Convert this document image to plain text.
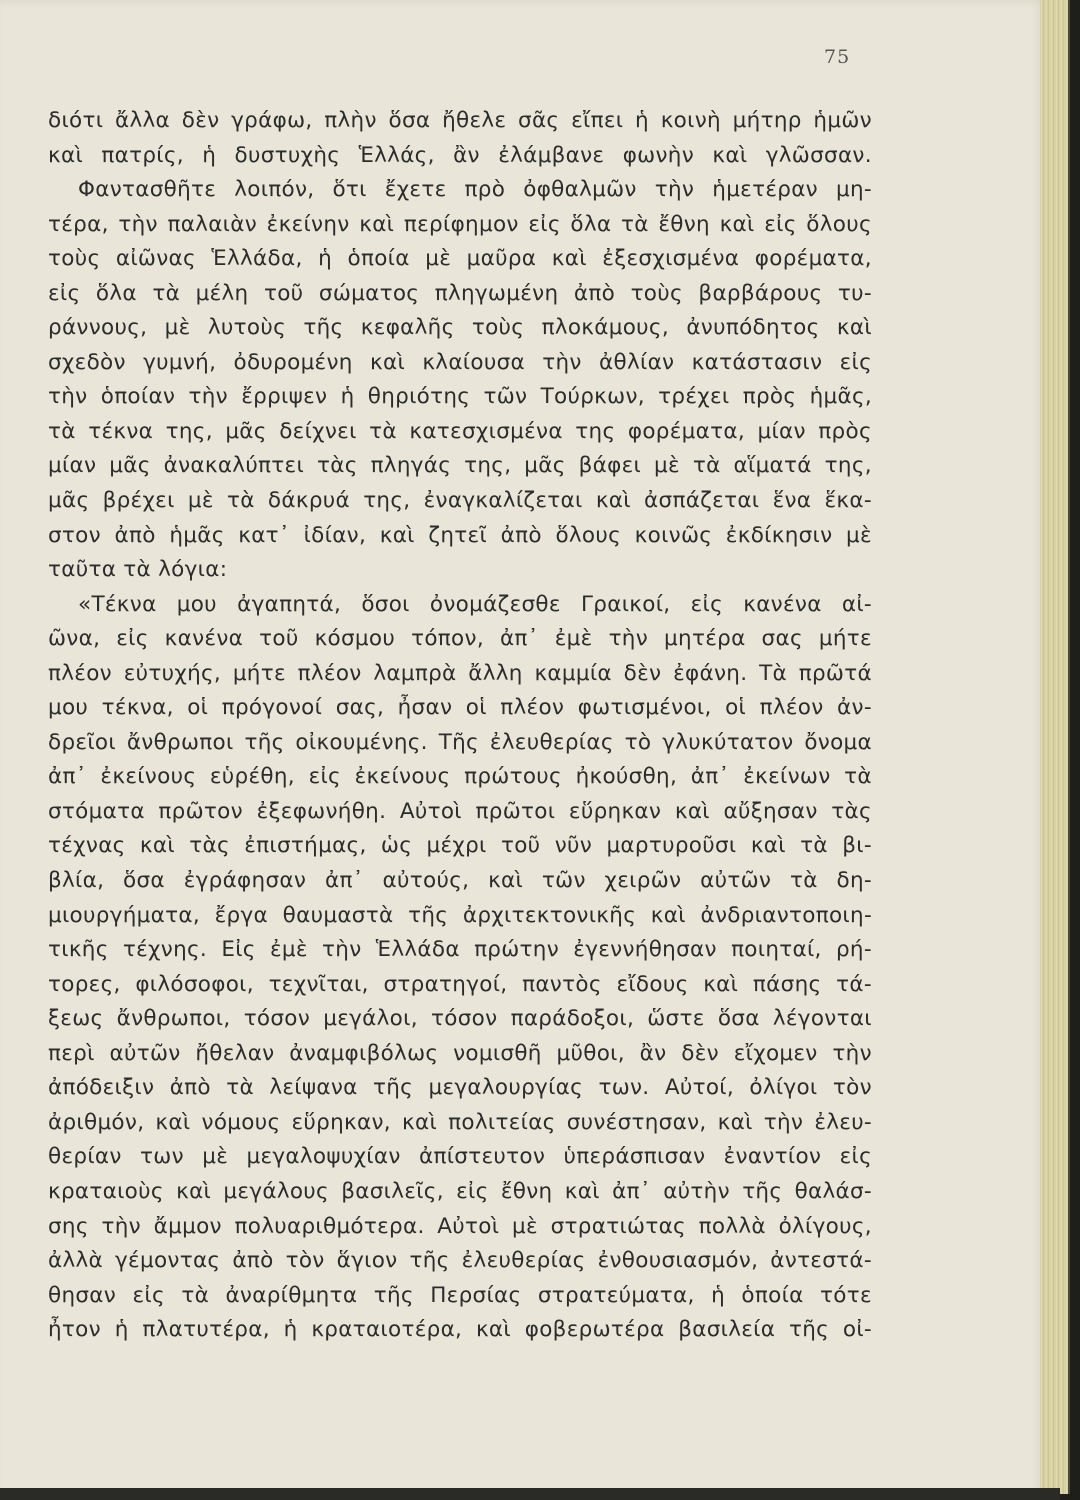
75
διότι ἄλλα δὲν γράφω, πλὴν ὅσα ἤθελε σᾶς εἴπει ἡ κοινὴ μήτηρ ἡμῶν
καὶ πατρίς, ἡ δυστυχὴς Ἑλλάς, ἂν ἐλάμβανε φωνὴν καὶ γλῶσσαν.
Φαντασθῆτε λοιπόν, ὅτι ἔχετε πρὸ ὀφθαλμῶν τὴν ἡμετέραν μη-
τέρα, τὴν παλαιὰν ἐκείνην καὶ περίφημον εἰς ὅλα τὰ ἔθνη καὶ εἰς ὅλους
τοὺς αἰῶνας Ἑλλάδα, ἡ ὁποία μὲ μαῦρα καὶ ἐξεσχισμένα φορέματα,
εἰς ὅλα τὰ μέλη τοῦ σώματος πληγωμένη ἀπὸ τοὺς βαρβάρους τυ-
ράννους, μὲ λυτοὺς τῆς κεφαλῆς τοὺς πλοκάμους, ἀνυπόδητος καὶ
σχεδὸν γυμνή, ὀδυρομένη καὶ κλαίουσα τὴν ἀθλίαν κατάστασιν εἰς
τὴν ὁποίαν τὴν ἔρριψεν ἡ θηριότης τῶν Τούρκων, τρέχει πρὸς ἡμᾶς,
τὰ τέκνα της, μᾶς δείχνει τὰ κατεσχισμένα της φορέματα, μίαν πρὸς
μίαν μᾶς ἀνακαλύπτει τὰς πληγάς της, μᾶς βάφει μὲ τὰ αἵματά της,
μᾶς βρέχει μὲ τὰ δάκρυά της, ἐναγκαλίζεται καὶ ἀσπάζεται ἕνα ἕκα-
στον ἀπὸ ἡμᾶς κατ᾽ ἰδίαν, καὶ ζητεῖ ἀπὸ ὅλους κοινῶς ἐκδίκησιν μὲ
ταῦτα τὰ λόγια:
«Τέκνα μου ἀγαπητά, ὅσοι ὀνομάζεσθε Γραικοί, εἰς κανένα αἰ-
ῶνα, εἰς κανένα τοῦ κόσμου τόπον, ἀπ᾽ ἐμὲ τὴν μητέρα σας μήτε
πλέον εὐτυχής, μήτε πλέον λαμπρὰ ἄλλη καμμία δὲν ἐφάνη. Τὰ πρῶτά
μου τέκνα, οἱ πρόγονοί σας, ἦσαν οἱ πλέον φωτισμένοι, οἱ πλέον ἀν-
δρεῖοι ἄνθρωποι τῆς οἰκουμένης. Τῆς ἐλευθερίας τὸ γλυκύτατον ὄνομα
ἀπ᾽ ἐκείνους εὑρέθη, εἰς ἐκείνους πρώτους ἠκούσθη, ἀπ᾽ ἐκείνων τὰ
στόματα πρῶτον ἐξεφωνήθη. Αὐτοὶ πρῶτοι εὕρηκαν καὶ αὔξησαν τὰς
τέχνας καὶ τὰς ἐπιστήμας, ὡς μέχρι τοῦ νῦν μαρτυροῦσι καὶ τὰ βι-
βλία, ὅσα ἐγράφησαν ἀπ᾽ αὐτούς, καὶ τῶν χειρῶν αὐτῶν τὰ δη-
μιουργήματα, ἔργα θαυμαστὰ τῆς ἀρχιτεκτονικῆς καὶ ἀνδριαντοποιη-
τικῆς τέχνης. Εἰς ἐμὲ τὴν Ἑλλάδα πρώτην ἐγεννήθησαν ποιηταί, ρή-
τορες, φιλόσοφοι, τεχνῖται, στρατηγοί, παντὸς εἴδους καὶ πάσης τά-
ξεως ἄνθρωποι, τόσον μεγάλοι, τόσον παράδοξοι, ὥστε ὅσα λέγονται
περὶ αὐτῶν ἤθελαν ἀναμφιβόλως νομισθῆ μῦθοι, ἂν δὲν εἴχομεν τὴν
ἀπόδειξιν ἀπὸ τὰ λείψανα τῆς μεγαλουργίας των. Αὐτοί, ὀλίγοι τὸν
ἀριθμόν, καὶ νόμους εὕρηκαν, καὶ πολιτείας συνέστησαν, καὶ τὴν ἐλευ-
θερίαν των μὲ μεγαλοψυχίαν ἀπίστευτον ὑπεράσπισαν ἐναντίον εἰς
κραταιοὺς καὶ μεγάλους βασιλεῖς, εἰς ἔθνη καὶ ἀπ᾽ αὐτὴν τῆς θαλάσ-
σης τὴν ἄμμον πολυαριθμότερα. Αὐτοὶ μὲ στρατιώτας πολλὰ ὀλίγους,
ἀλλὰ γέμοντας ἀπὸ τὸν ἅγιον τῆς ἐλευθερίας ἐνθουσιασμόν, ἀντεστά-
θησαν εἰς τὰ ἀναρίθμητα τῆς Περσίας στρατεύματα, ἡ ὁποία τότε
ἦτον ἡ πλατυτέρα, ἡ κραταιοτέρα, καὶ φοβερωτέρα βασιλεία τῆς οἰ-
